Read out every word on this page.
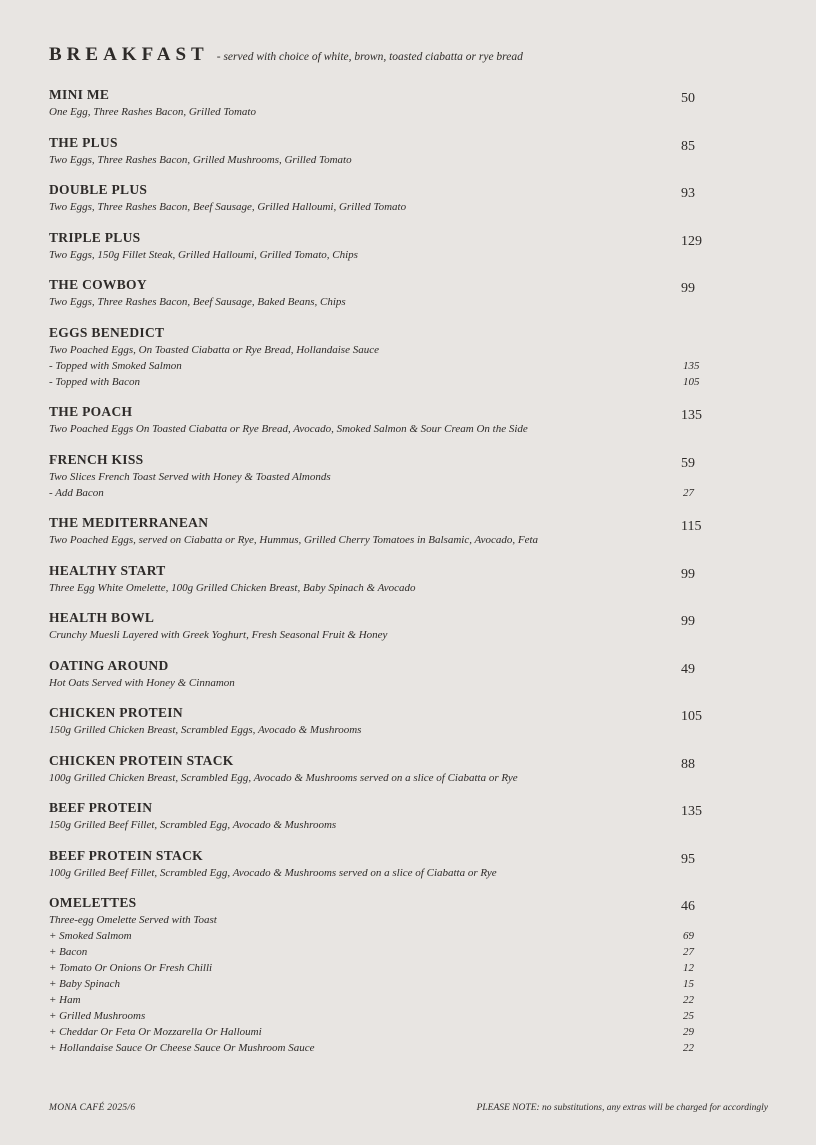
BREAKFAST - served with choice of white, brown, toasted ciabatta or rye bread
MINI ME	50
One Egg, Three Rashes Bacon, Grilled Tomato
THE PLUS	85
Two Eggs, Three Rashes Bacon, Grilled Mushrooms, Grilled Tomato
DOUBLE PLUS	93
Two Eggs, Three Rashes Bacon, Beef Sausage, Grilled Halloumi, Grilled Tomato
TRIPLE PLUS	129
Two Eggs, 150g Fillet Steak, Grilled Halloumi, Grilled Tomato, Chips
THE COWBOY	99
Two Eggs, Three Rashes Bacon, Beef Sausage, Baked Beans, Chips
EGGS BENEDICT
Two Poached Eggs, On Toasted Ciabatta or Rye Bread, Hollandaise Sauce
- Topped with Smoked Salmon	135
- Topped with Bacon	105
THE POACH	135
Two Poached Eggs On Toasted Ciabatta or Rye Bread, Avocado, Smoked Salmon & Sour Cream On the Side
FRENCH KISS	59
Two Slices French Toast Served with Honey & Toasted Almonds
- Add Bacon	27
THE MEDITERRANEAN	115
Two Poached Eggs, served on Ciabatta or Rye, Hummus, Grilled Cherry Tomatoes in Balsamic, Avocado, Feta
HEALTHY START	99
Three Egg White Omelette, 100g Grilled Chicken Breast, Baby Spinach & Avocado
HEALTH BOWL	99
Crunchy Muesli Layered with Greek Yoghurt, Fresh Seasonal Fruit & Honey
OATING AROUND	49
Hot Oats Served with Honey & Cinnamon
CHICKEN PROTEIN	105
150g Grilled Chicken Breast, Scrambled Eggs, Avocado & Mushrooms
CHICKEN PROTEIN STACK	88
100g Grilled Chicken Breast, Scrambled Egg, Avocado & Mushrooms served on a slice of Ciabatta or Rye
BEEF PROTEIN	135
150g Grilled Beef Fillet, Scrambled Egg, Avocado & Mushrooms
BEEF PROTEIN STACK	95
100g Grilled Beef Fillet, Scrambled Egg, Avocado & Mushrooms served on a slice of Ciabatta or Rye
OMELETTES	46
Three-egg Omelette Served with Toast
+ Smoked Salmom	69
+ Bacon	27
+ Tomato Or Onions Or Fresh Chilli	12
+ Baby Spinach	15
+ Ham	22
+ Grilled Mushrooms	25
+ Cheddar Or Feta Or Mozzarella Or Halloumi	29
+ Hollandaise Sauce Or Cheese Sauce Or Mushroom Sauce	22
MONA CAFÉ 2025/6	PLEASE NOTE: no substitutions, any extras will be charged for accordingly
